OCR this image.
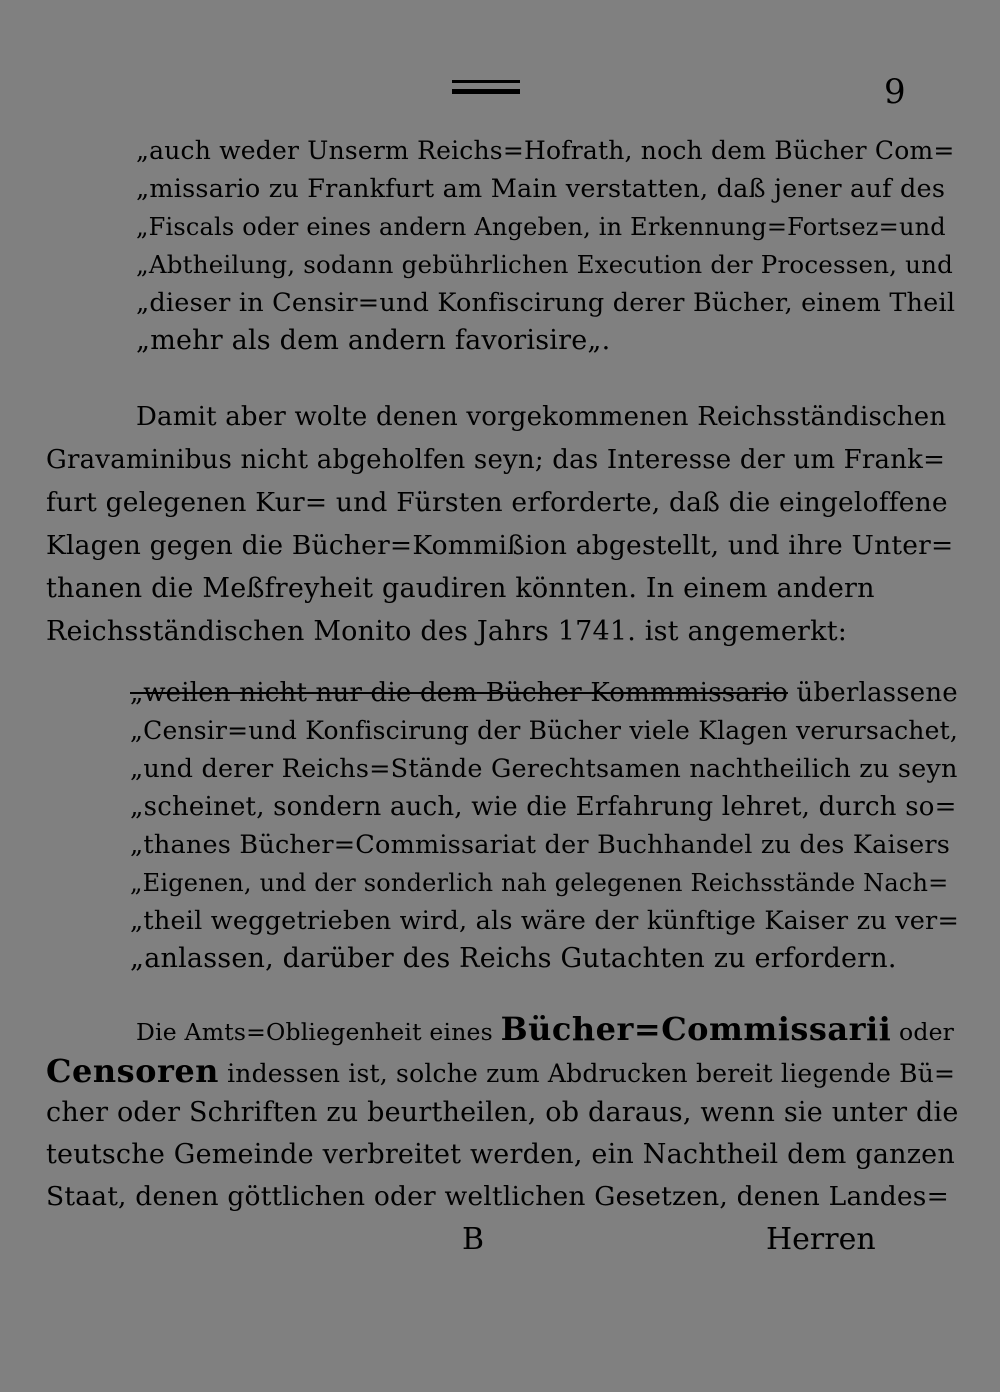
9
„auch weder Unserm Reichs=Hofrath, noch dem Bücher Com=
„missario zu Frankfurt am Main verstatten, daß jener auf des
„Fiscals oder eines andern Angeben, in Erkennung=Fortsez=und
„Abtheilung, sodann gebührlichen Execution der Processen, und
„dieser in Censir=und Konfiscirung derer Bücher, einem Theil
„mehr als dem andern favorisire„.
Damit aber wolte denen vorgekommenen Reichsständischen
Gravaminibus nicht abgeholfen seyn; das Interesse der um Frank=
furt gelegenen Kur= und Fürsten erforderte, daß die eingeloffene
Klagen gegen die Bücher=Kommißion abgestellt, und ihre Unter=
thanen die Meßfreyheit gaudiren könnten. In einem andern
Reichsständischen Monito des Jahrs 1741. ist angemerkt:
„weilen nicht nur die dem Bücher Kommmissario überlassene
„Censir=und Konfiscirung der Bücher viele Klagen verursachet,
„und derer Reichs=Stände Gerechtsamen nachtheilich zu seyn
„scheinet, sondern auch, wie die Erfahrung lehret, durch so=
„thanes Bücher=Commissariat der Buchhandel zu des Kaisers
„Eigenen, und der sonderlich nah gelegenen Reichsstände Nach=
„theil weggetrieben wird, als wäre der künftige Kaiser zu ver=
„anlassen, darüber des Reichs Gutachten zu erfordern.
Die Amts=Obliegenheit eines Bücher=Commissarii oder
Censoren indessen ist, solche zum Abdrucken bereit liegende Bü=
cher oder Schriften zu beurtheilen, ob daraus, wenn sie unter die
teutsche Gemeinde verbreitet werden, ein Nachtheil dem ganzen
Staat, denen göttlichen oder weltlichen Gesetzen, denen Landes=
B	Herren
